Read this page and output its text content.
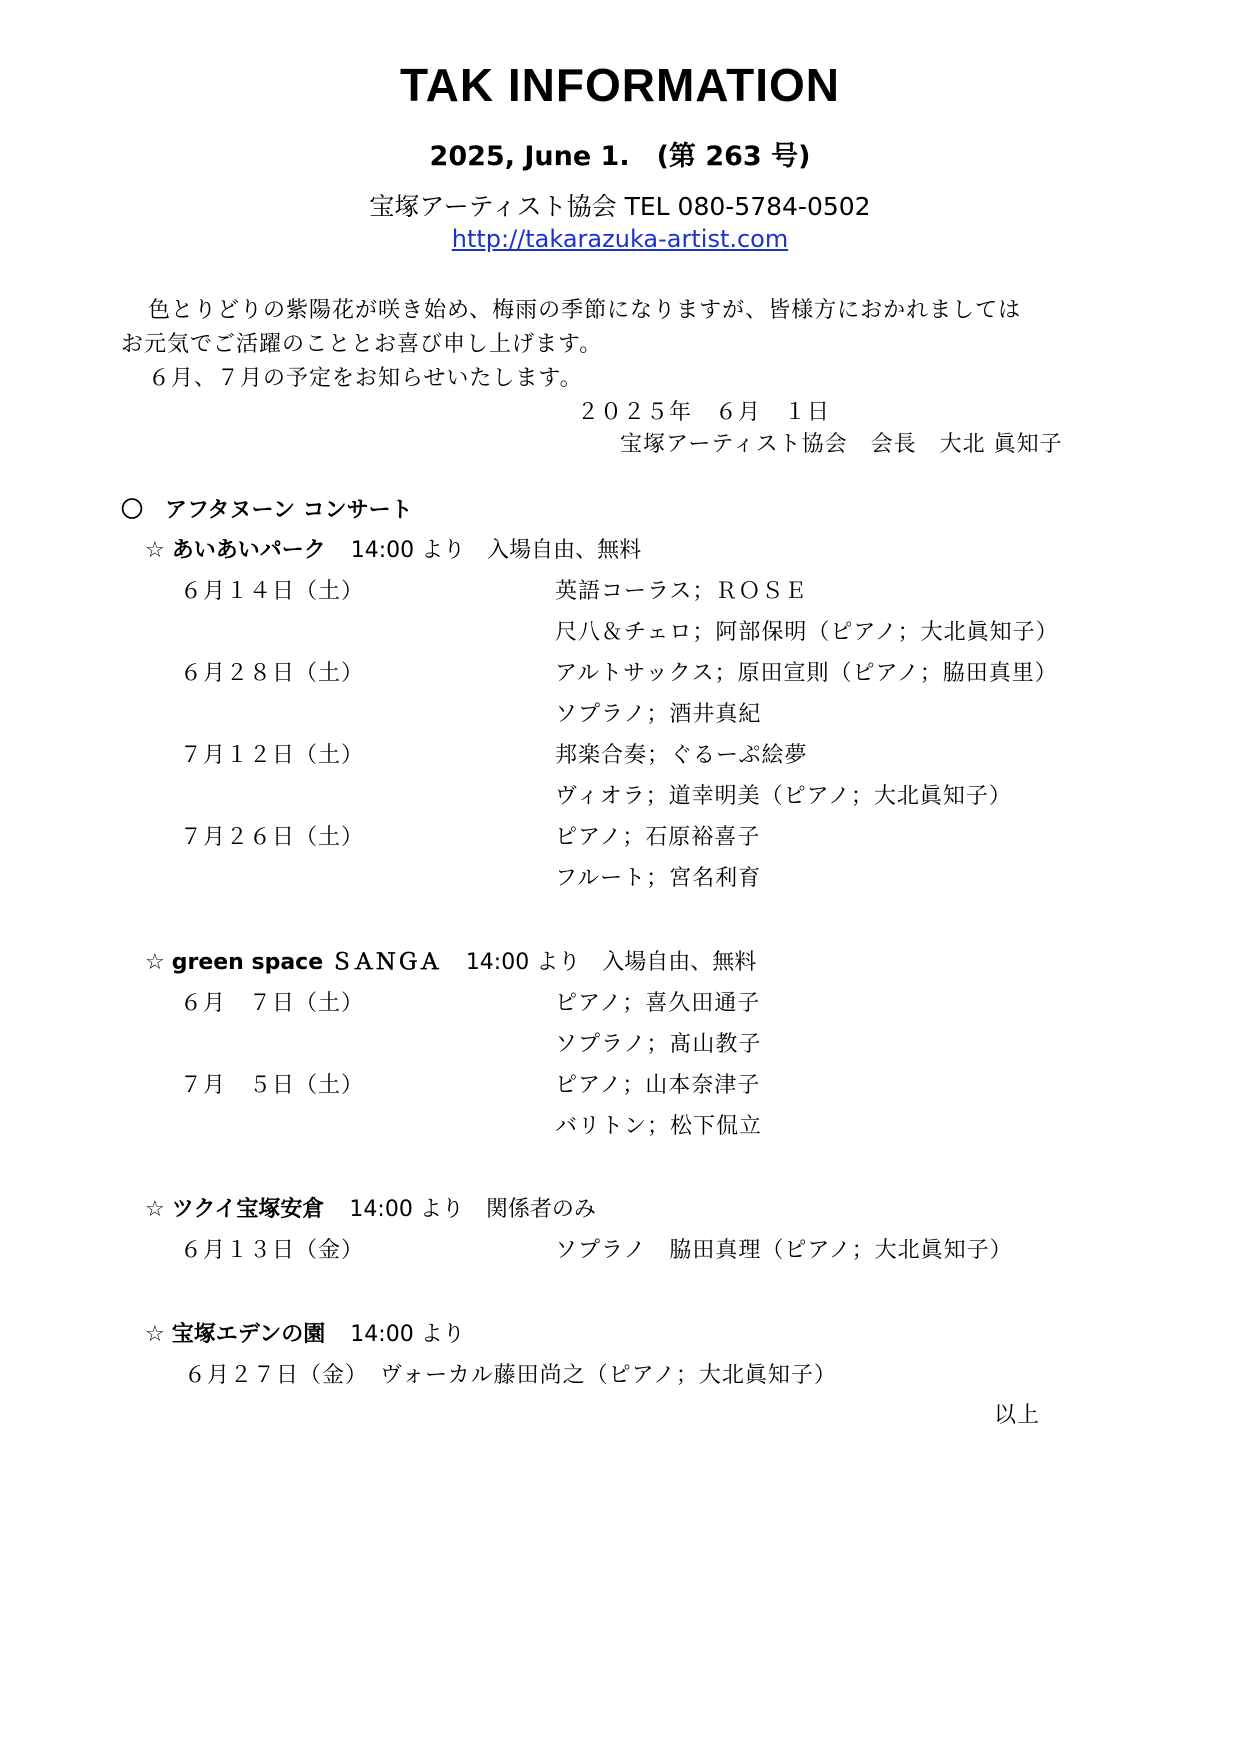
TAK INFORMATION
2025, June 1.　(第 263 号)
宝塚アーティスト協会 TEL 080-5784-0502
http://takarazuka-artist.com
色とりどりの紫陽花が咲き始め、梅雨の季節になりますが、皆様方におかれましては
お元気でご活躍のこととお喜び申し上げます。
６月、７月の予定をお知らせいたします。
２０２５年　６月　１日
宝塚アーティスト協会　会長　大北 眞知子
〇　アフタヌーン コンサート
☆ あいあいパーク 14:00 より　入場自由、無料
６月１４日（土）	英語コーラス；ＲＯＳＥ
尺八＆チェロ；阿部保明（ピアノ；大北眞知子）
６月２８日（土）	アルトサックス；原田宣則（ピアノ；脇田真里）
ソプラノ；酒井真紀
７月１２日（土）	邦楽合奏；ぐるーぷ絵夢
ヴィオラ；道幸明美（ピアノ；大北眞知子）
７月２６日（土）	ピアノ；石原裕喜子
フルート；宮名利育
☆ green space ＳＡＮＧＡ 14:00 より　入場自由、無料
６月　７日（土）	ピアノ；喜久田通子
ソプラノ；髙山教子
７月　５日（土）	ピアノ；山本奈津子
バリトン；松下侃立
☆ ツクイ宝塚安倉 14:00 より　関係者のみ
６月１３日（金）	ソプラノ　脇田真理（ピアノ；大北眞知子）
☆ 宝塚エデンの園 14:00 より
６月２７日（金） ヴォーカル藤田尚之（ピアノ；大北眞知子）
以上
